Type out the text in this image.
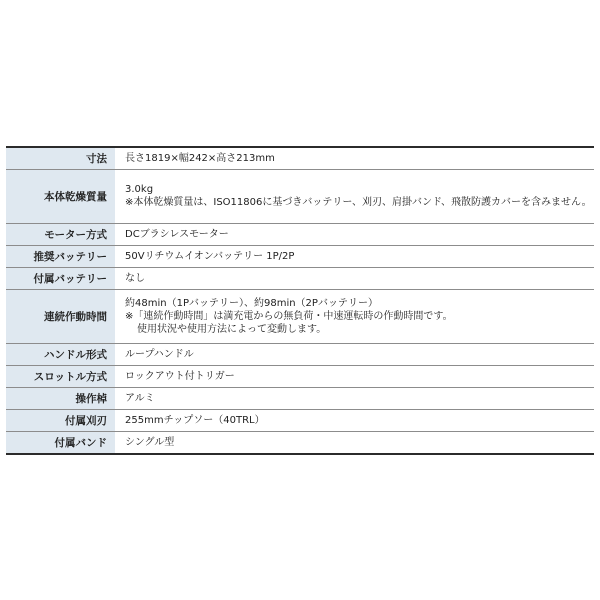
寸法	長さ1819×幅242×高さ213mm

本体乾燥質量	3.0kg
※本体乾燥質量は、ISO11806に基づきバッテリー、刈刃、肩掛バンド、飛散防護カバーを含みません。

モーター方式	DCブラシレスモーター

推奨バッテリー	50Vリチウムイオンバッテリー 1P/2P

付属バッテリー	なし

連続作動時間	約48min（1Pバッテリー）、約98min（2Pバッテリー）
※「連続作動時間」は満充電からの無負荷・中速運転時の作動時間です。
使用状況や使用方法によって変動します。

ハンドル形式	ループハンドル

スロットル方式	ロックアウト付トリガー

操作棹	アルミ

付属刈刃	255mmチップソー（40TRL）

付属バンド	シングル型
